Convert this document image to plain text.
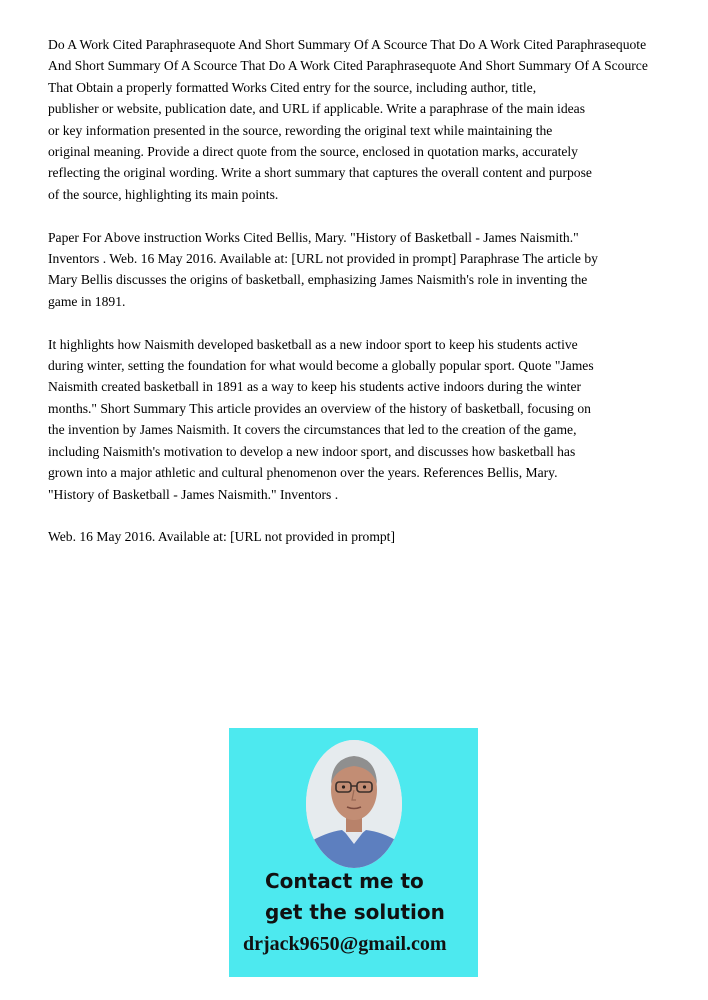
Do A Work Cited Paraphrasequote And Short Summary Of A Scource That Do A Work Cited Paraphrasequote
And Short Summary Of A Scource That Do A Work Cited Paraphrasequote And Short Summary Of A Scource
That Obtain a properly formatted Works Cited entry for the source, including author, title,
publisher or website, publication date, and URL if applicable. Write a paraphrase of the main ideas
or key information presented in the source, rewording the original text while maintaining the
original meaning. Provide a direct quote from the source, enclosed in quotation marks, accurately
reflecting the original wording. Write a short summary that captures the overall content and purpose
of the source, highlighting its main points.

Paper For Above instruction Works Cited Bellis, Mary. "History of Basketball - James Naismith."
Inventors . Web. 16 May 2016. Available at: [URL not provided in prompt] Paraphrase The article by
Mary Bellis discusses the origins of basketball, emphasizing James Naismith's role in inventing the
game in 1891.

It highlights how Naismith developed basketball as a new indoor sport to keep his students active
during winter, setting the foundation for what would become a globally popular sport. Quote "James
Naismith created basketball in 1891 as a way to keep his students active indoors during the winter
months." Short Summary This article provides an overview of the history of basketball, focusing on
the invention by James Naismith. It covers the circumstances that led to the creation of the game,
including Naismith's motivation to develop a new indoor sport, and discusses how basketball has
grown into a major athletic and cultural phenomenon over the years. References Bellis, Mary.
"History of Basketball - James Naismith." Inventors .

Web. 16 May 2016. Available at: [URL not provided in prompt]

Contact me to
get the solution
drjack9650@gmail.com
